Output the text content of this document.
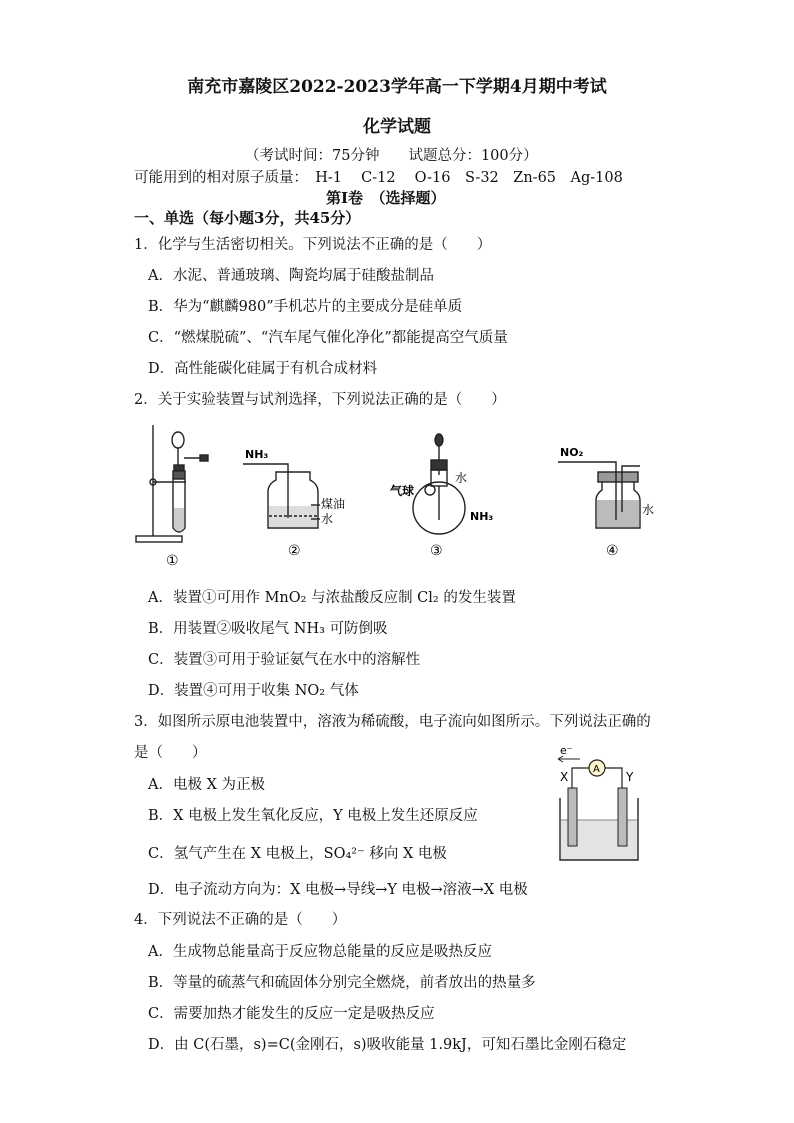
南充市嘉陵区2022-2023学年高一下学期4月期中考试
化学试题
（考试时间：75分钟　　试题总分：100分）
可能用到的相对原子质量：　H-1　 C-12　 O-16　S-32　Zn-65　Ag-108
第I卷　（选择题）
一、单选（每小题3分，共45分）
1．化学与生活密切相关。下列说法不正确的是（　　）
A．水泥、普通玻璃、陶瓷均属于硅酸盐制品
B．华为“麒麟980”手机芯片的主要成分是硅单质
C．“燃煤脱硫”、“汽车尾气催化净化”都能提高空气质量
D．高性能碳化硅属于有机合成材料
2．关于实验装置与试剂选择，下列说法正确的是（　　）
NH₃
煤油
水
水
气球
NH₃
NO₂
水
①
②	③	④
A．装置①可用作 MnO₂ 与浓盐酸反应制 Cl₂ 的发生装置
B．用装置②吸收尾气 NH₃ 可防倒吸
C．装置③可用于验证氨气在水中的溶解性
D．装置④可用于收集 NO₂ 气体
3．如图所示原电池装置中，溶液为稀硫酸，电子流向如图所示。下列说法正确的
是（　　）	e⁻
A
X	Y
A．电极 X 为正极
B．X 电极上发生氧化反应，Y 电极上发生还原反应
C．氢气产生在 X 电极上，SO₄²⁻ 移向 X 电极
D．电子流动方向为：X 电极→导线→Y 电极→溶液→X 电极
4．下列说法不正确的是（　　）
A．生成物总能量高于反应物总能量的反应是吸热反应
B．等量的硫蒸气和硫固体分别完全燃烧，前者放出的热量多
C．需要加热才能发生的反应一定是吸热反应
D．由 C(石墨，s)=C(金刚石，s)吸收能量 1.9kJ，可知石墨比金刚石稳定
